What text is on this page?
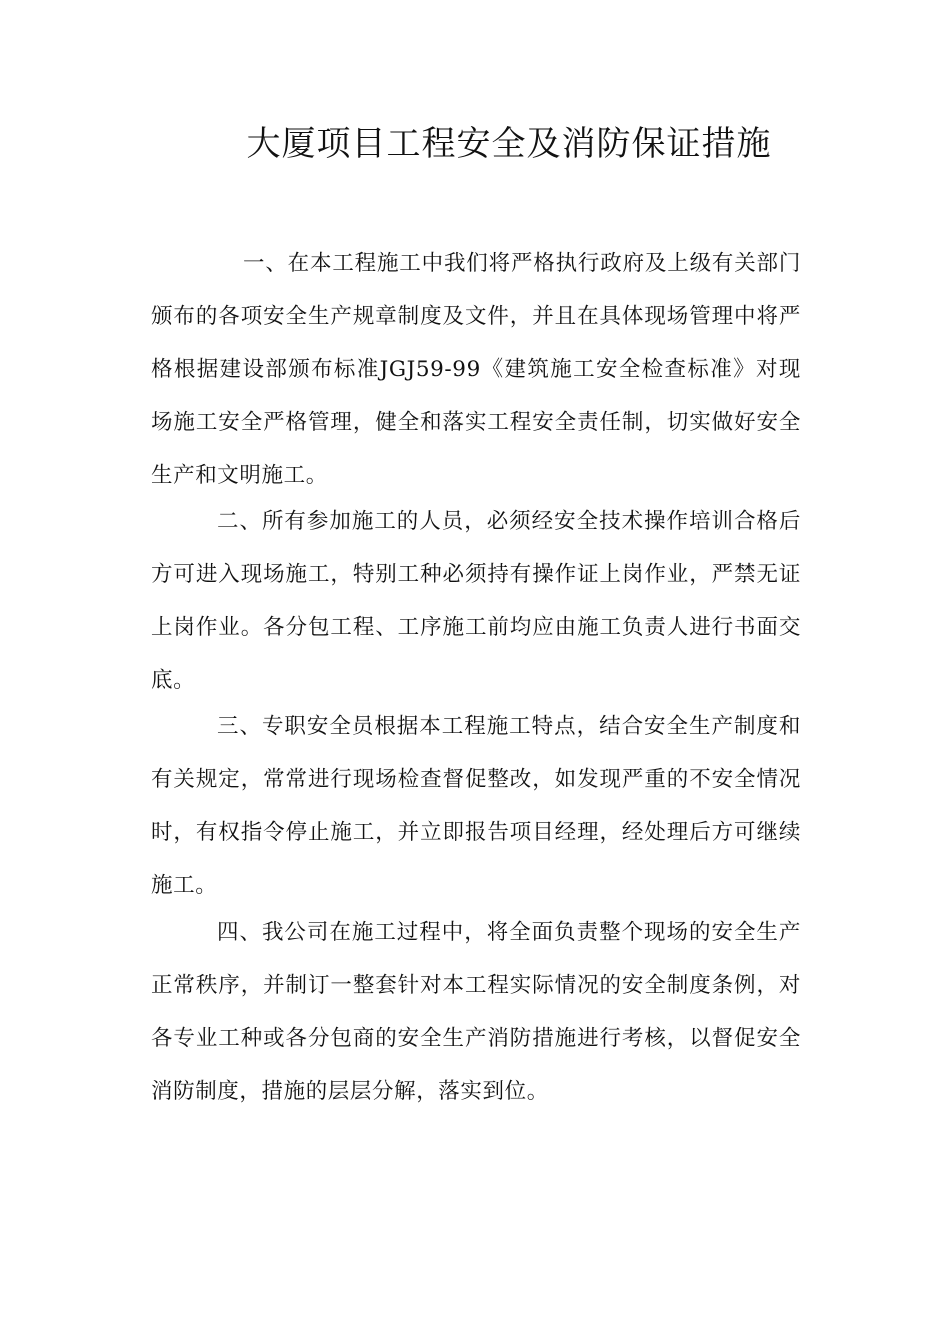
大厦项目工程安全及消防保证措施

一、在本工程施工中我们将严格执行政府及上级有关部门颁布的各项安全生产规章制度及文件，并且在具体现场管理中将严格根据建设部颁布标准JGJ59-99《建筑施工安全检查标准》对现场施工安全严格管理，健全和落实工程安全责任制，切实做好安全生产和文明施工。

二、所有参加施工的人员，必须经安全技术操作培训合格后方可进入现场施工，特别工种必须持有操作证上岗作业，严禁无证上岗作业。各分包工程、工序施工前均应由施工负责人进行书面交底。

三、专职安全员根据本工程施工特点，结合安全生产制度和有关规定，常常进行现场检查督促整改，如发现严重的不安全情况时，有权指令停止施工，并立即报告项目经理，经处理后方可继续施工。

四、我公司在施工过程中，将全面负责整个现场的安全生产正常秩序，并制订一整套针对本工程实际情况的安全制度条例，对各专业工种或各分包商的安全生产消防措施进行考核，以督促安全消防制度，措施的层层分解，落实到位。
